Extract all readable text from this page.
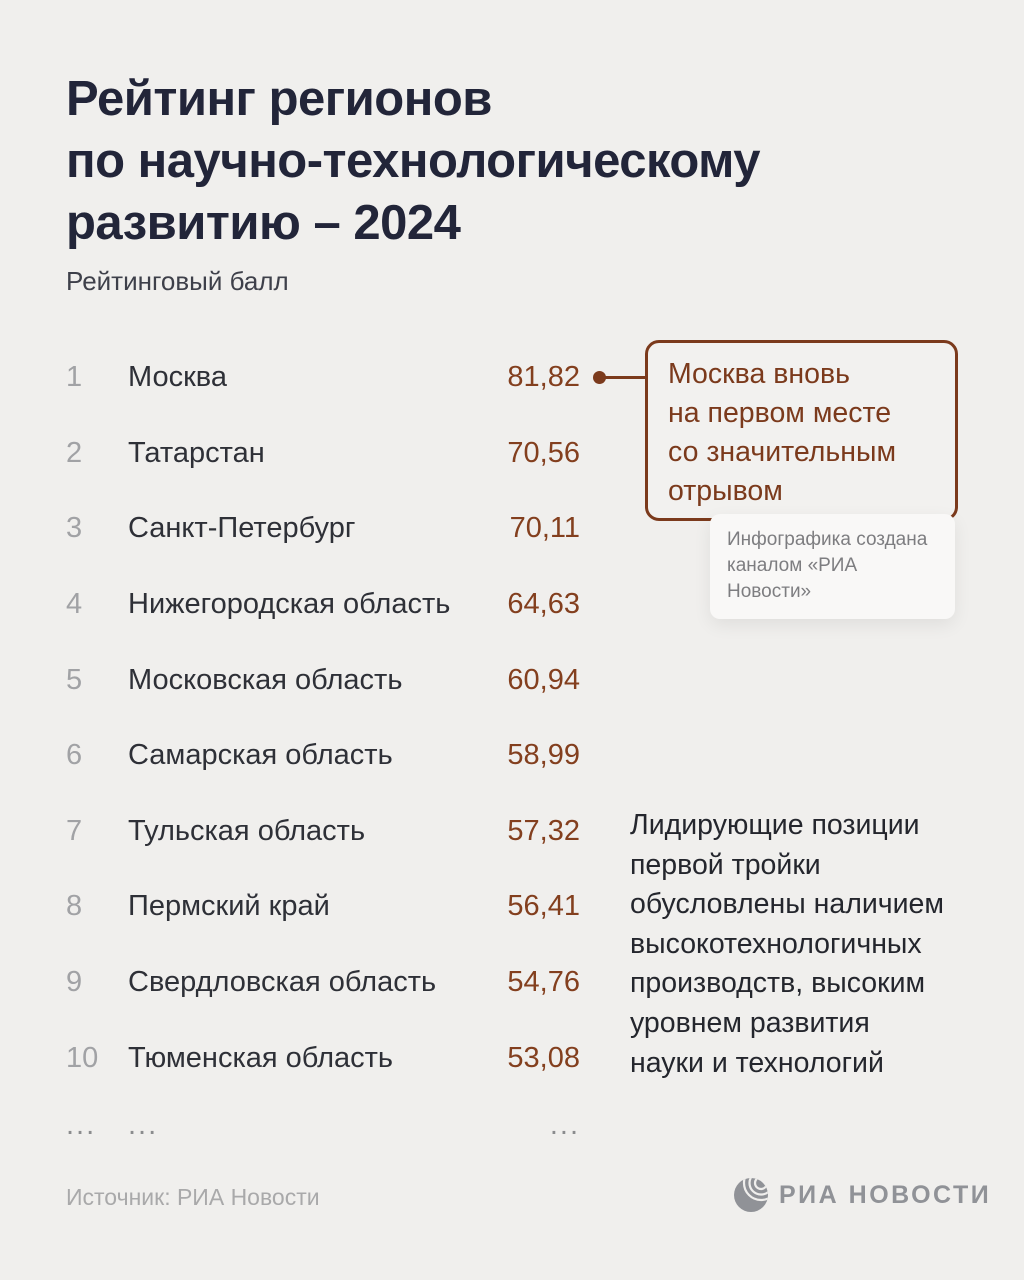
Рейтинг регионов
по научно-технологическому
развитию – 2024
Рейтинговый балл
1	Москва	81,82
2	Татарстан	70,56
3	Санкт-Петербург	70,11
4	Нижегородская область	64,63
5	Московская область	60,94
6	Самарская область	58,99
7	Тульская область	57,32
8	Пермский край	56,41
9	Свердловская область	54,76
10	Тюменская область	53,08
...	...	...
Москва вновь
на первом месте
со значительным
отрывом
Инфографика создана
каналом «РИА Новости»
Лидирующие позиции
первой тройки
обусловлены наличием
высокотехнологичных
производств, высоким
уровнем развития
науки и технологий
Источник: РИА Новости	РИА НОВОСТИ
